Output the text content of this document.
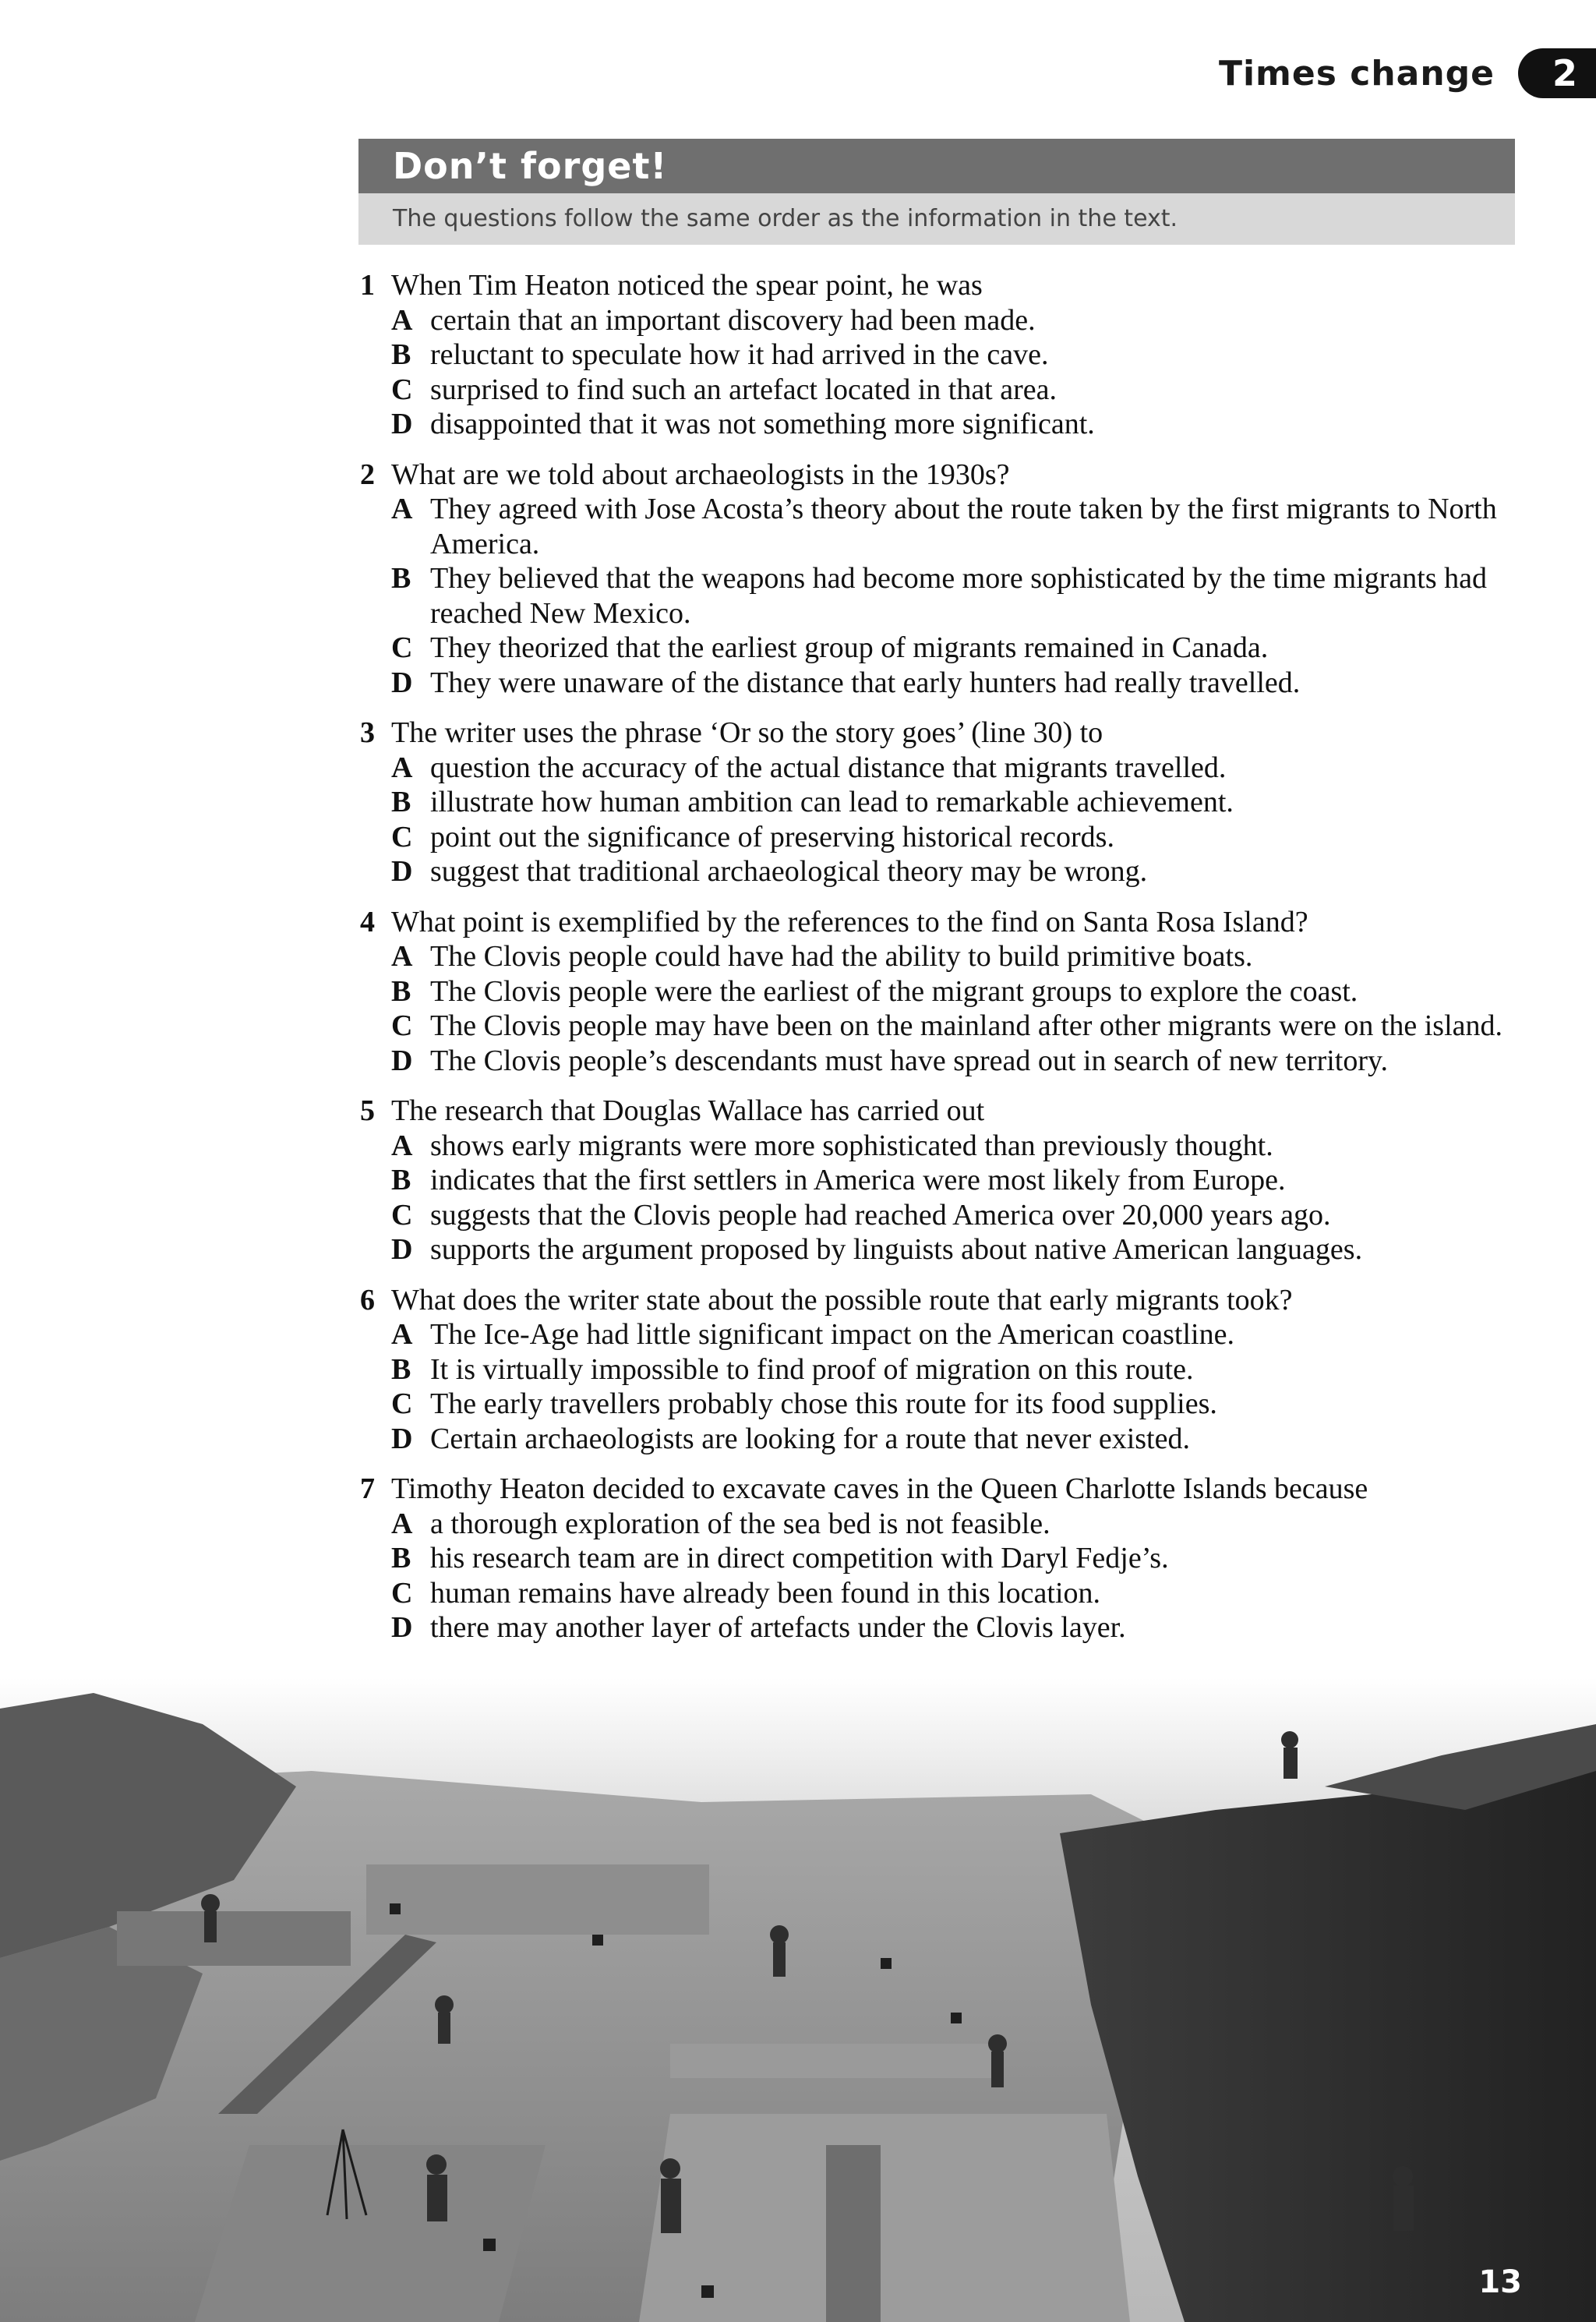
Times change	2
Don’t forget!
The questions follow the same order as the information in the text.
1 When Tim Heaton noticed the spear point, he was
A certain that an important discovery had been made.
B reluctant to speculate how it had arrived in the cave.
C surprised to find such an artefact located in that area.
D disappointed that it was not something more significant.
2 What are we told about archaeologists in the 1930s?
A They agreed with Jose Acosta’s theory about the route taken by the first migrants to North America.
B They believed that the weapons had become more sophisticated by the time migrants had reached New Mexico.
C They theorized that the earliest group of migrants remained in Canada.
D They were unaware of the distance that early hunters had really travelled.
3 The writer uses the phrase ‘Or so the story goes’ (line 30) to
A question the accuracy of the actual distance that migrants travelled.
B illustrate how human ambition can lead to remarkable achievement.
C point out the significance of preserving historical records.
D suggest that traditional archaeological theory may be wrong.
4 What point is exemplified by the references to the find on Santa Rosa Island?
A The Clovis people could have had the ability to build primitive boats.
B The Clovis people were the earliest of the migrant groups to explore the coast.
C The Clovis people may have been on the mainland after other migrants were on the island.
D The Clovis people’s descendants must have spread out in search of new territory.
5 The research that Douglas Wallace has carried out
A shows early migrants were more sophisticated than previously thought.
B indicates that the first settlers in America were most likely from Europe.
C suggests that the Clovis people had reached America over 20,000 years ago.
D supports the argument proposed by linguists about native American languages.
6 What does the writer state about the possible route that early migrants took?
A The Ice-Age had little significant impact on the American coastline.
B It is virtually impossible to find proof of migration on this route.
C The early travellers probably chose this route for its food supplies.
D Certain archaeologists are looking for a route that never existed.
7 Timothy Heaton decided to excavate caves in the Queen Charlotte Islands because
A a thorough exploration of the sea bed is not feasible.
B his research team are in direct competition with Daryl Fedje’s.
C human remains have already been found in this location.
D there may another layer of artefacts under the Clovis layer.
13
